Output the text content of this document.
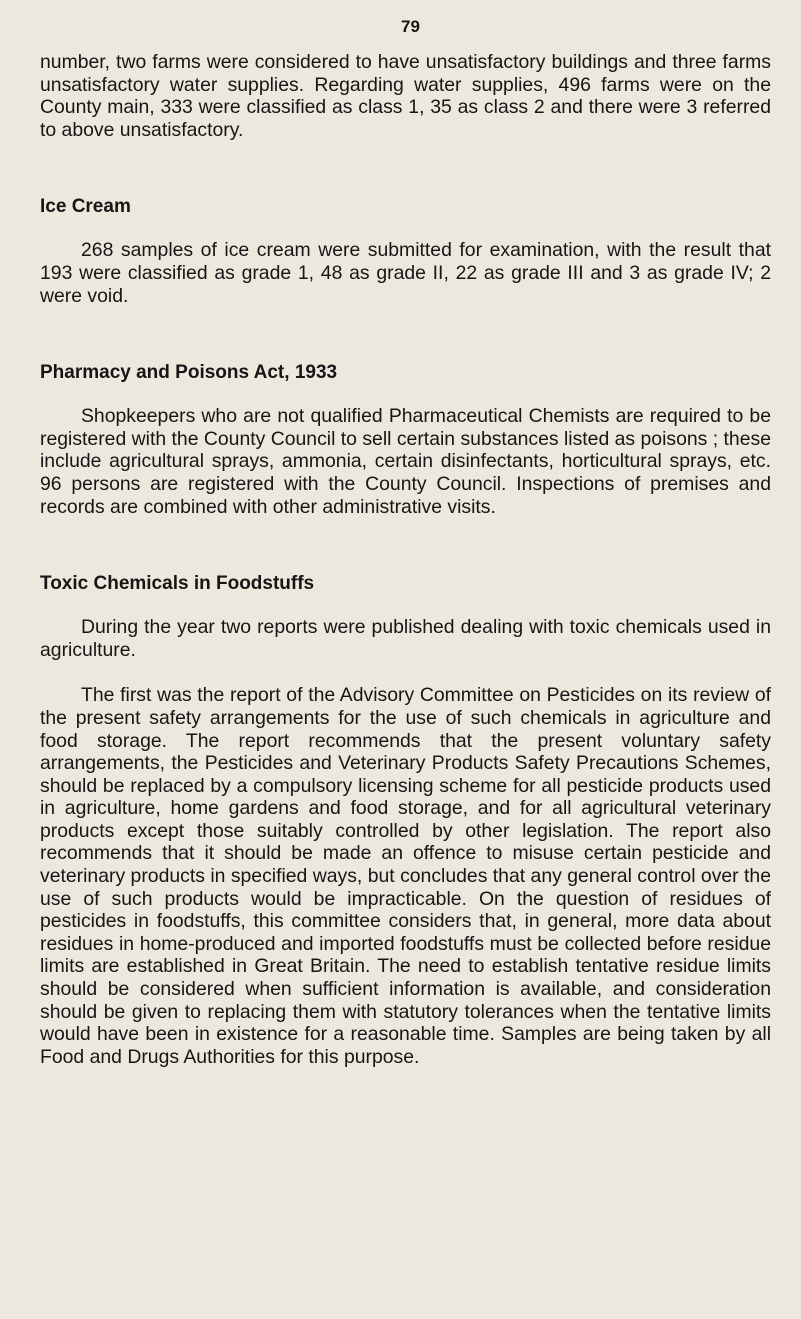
79

number, two farms were considered to have unsatisfactory buildings and three farms unsatisfactory water supplies. Regarding water supplies, 496 farms were on the County main, 333 were classified as class 1, 35 as class 2 and there were 3 referred to above unsatisfactory.

Ice Cream

268 samples of ice cream were submitted for examination, with the result that 193 were classified as grade 1, 48 as grade II, 22 as grade III and 3 as grade IV; 2 were void.

Pharmacy and Poisons Act, 1933

Shopkeepers who are not qualified Pharmaceutical Chemists are required to be registered with the County Council to sell certain substances listed as poisons ; these include agricultural sprays, ammonia, certain disinfectants, horticultural sprays, etc. 96 persons are registered with the County Council. Inspections of premises and records are combined with other administrative visits.

Toxic Chemicals in Foodstuffs

During the year two reports were published dealing with toxic chemicals used in agriculture.

The first was the report of the Advisory Committee on Pesticides on its review of the present safety arrangements for the use of such chemicals in agriculture and food storage. The report recommends that the present voluntary safety arrangements, the Pesticides and Veterinary Products Safety Precautions Schemes, should be replaced by a compulsory licensing scheme for all pesticide products used in agriculture, home gardens and food storage, and for all agricultural veterinary products except those suitably controlled by other legislation. The report also recommends that it should be made an offence to misuse certain pesticide and veterinary products in specified ways, but concludes that any general control over the use of such products would be impracticable. On the question of residues of pesticides in foodstuffs, this committee considers that, in general, more data about residues in home-produced and imported foodstuffs must be collected before residue limits are established in Great Britain. The need to establish tentative residue limits should be considered when sufficient information is available, and consideration should be given to replacing them with statutory tolerances when the tentative limits would have been in existence for a reasonable time. Samples are being taken by all Food and Drugs Authorities for this purpose.
